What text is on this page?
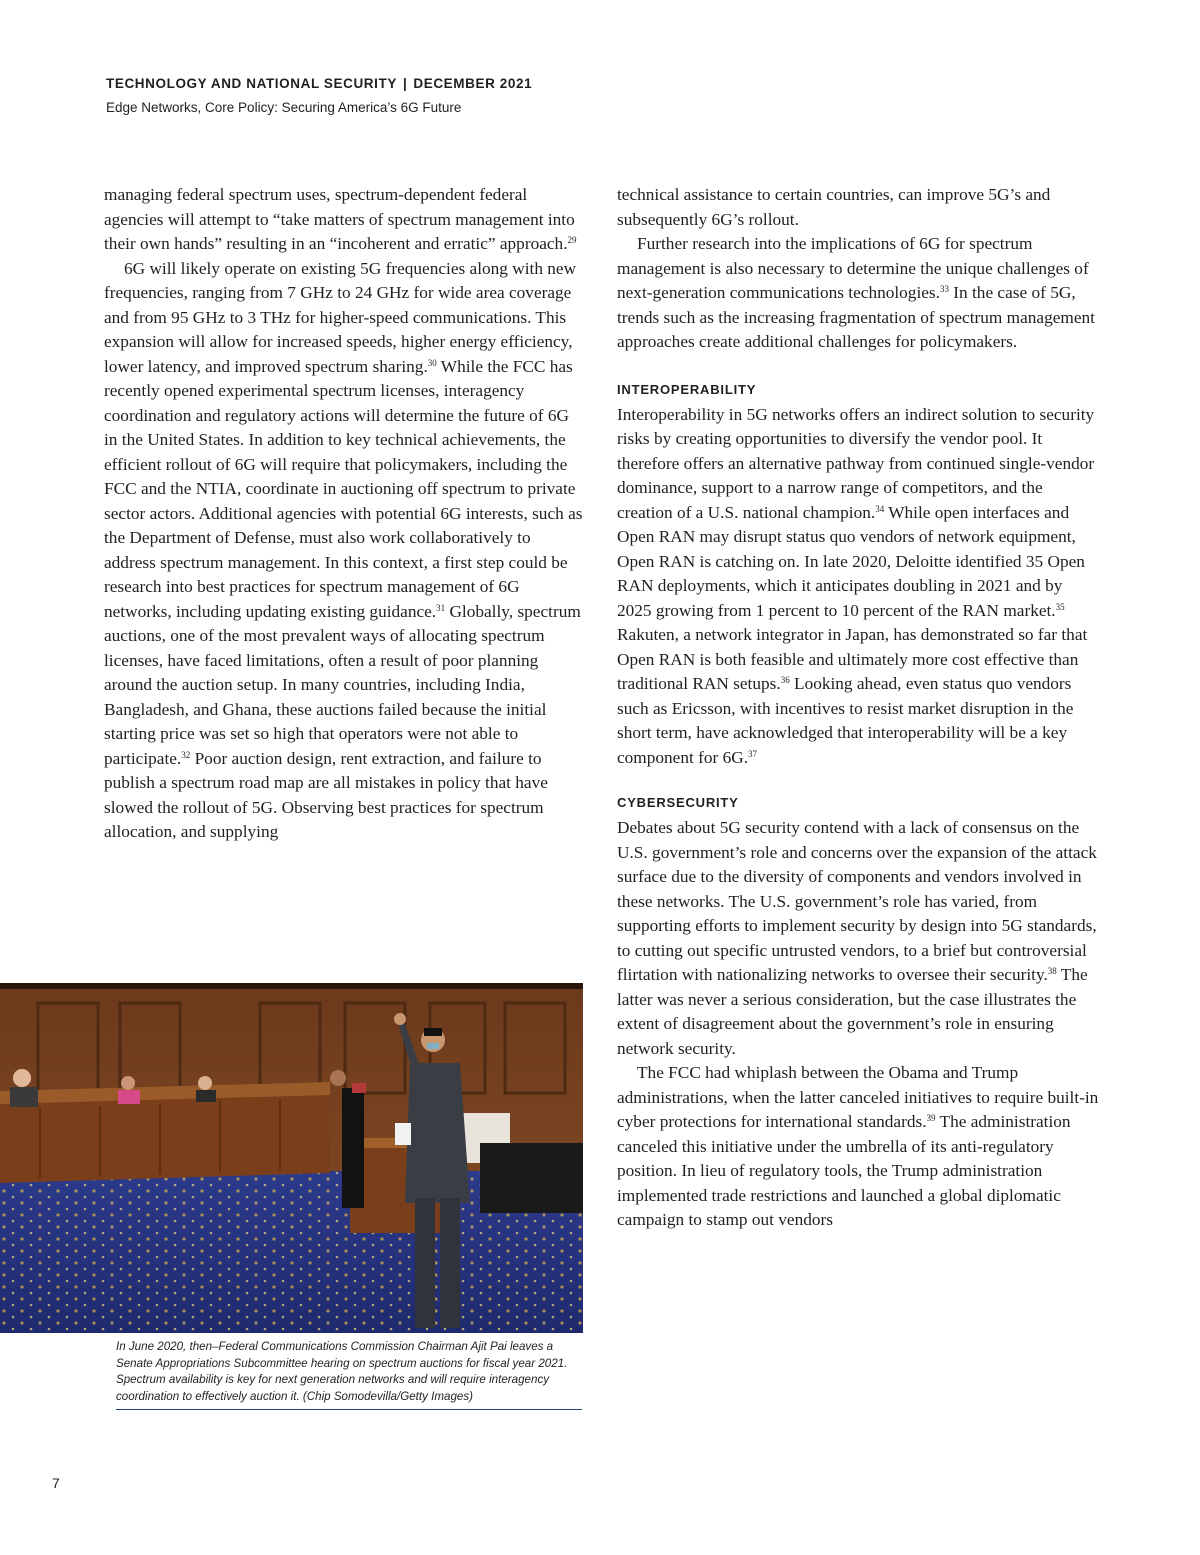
TECHNOLOGY AND NATIONAL SECURITY | DECEMBER 2021
Edge Networks, Core Policy: Securing America’s 6G Future

managing federal spectrum uses, spectrum-dependent federal agencies will attempt to “take matters of spectrum management into their own hands” resulting in an “incoherent and erratic” approach.$^{29}$

6G will likely operate on existing 5G frequencies along with new frequencies, ranging from 7 GHz to 24 GHz for wide area coverage and from 95 GHz to 3 THz for higher-speed communications. This expansion will allow for increased speeds, higher energy efficiency, lower latency, and improved spectrum sharing.$^{30}$ While the FCC has recently opened experimental spectrum licenses, interagency coordination and regulatory actions will determine the future of 6G in the United States. In addition to key technical achievements, the efficient rollout of 6G will require that policymakers, including the FCC and the NTIA, coordinate in auctioning off spectrum to private sector actors. Additional agencies with potential 6G interests, such as the Department of Defense, must also work collaboratively to address spectrum management. In this context, a first step could be research into best practices for spectrum management of 6G networks, including updating existing guidance.$^{31}$ Globally, spectrum auctions, one of the most prevalent ways of allocating spectrum licenses, have faced limitations, often a result of poor planning around the auction setup. In many countries, including India, Bangladesh, and Ghana, these auctions failed because the initial starting price was set so high that operators were not able to participate.$^{32}$ Poor auction design, rent extraction, and failure to publish a spectrum road map are all mistakes in policy that have slowed the rollout of 5G. Observing best practices for spectrum allocation, and supplying

technical assistance to certain countries, can improve 5G’s and subsequently 6G’s rollout.

Further research into the implications of 6G for spectrum management is also necessary to determine the unique challenges of next-generation communications technologies.$^{33}$ In the case of 5G, trends such as the increasing fragmentation of spectrum management approaches create additional challenges for policymakers.

INTEROPERABILITY

Interoperability in 5G networks offers an indirect solution to security risks by creating opportunities to diversify the vendor pool. It therefore offers an alternative pathway from continued single-vendor dominance, support to a narrow range of competitors, and the creation of a U.S. national champion.$^{34}$ While open interfaces and Open RAN may disrupt status quo vendors of network equipment, Open RAN is catching on. In late 2020, Deloitte identified 35 Open RAN deployments, which it anticipates doubling in 2021 and by 2025 growing from 1 percent to 10 percent of the RAN market.$^{35}$ Rakuten, a network integrator in Japan, has demonstrated so far that Open RAN is both feasible and ultimately more cost effective than traditional RAN setups.$^{36}$ Looking ahead, even status quo vendors such as Ericsson, with incentives to resist market disruption in the short term, have acknowledged that interoperability will be a key component for 6G.$^{37}$

CYBERSECURITY

Debates about 5G security contend with a lack of consensus on the U.S. government’s role and concerns over the expansion of the attack surface due to the diversity of components and vendors involved in these networks. The U.S. government’s role has varied, from supporting efforts to implement security by design into 5G standards, to cutting out specific untrusted vendors, to a brief but controversial flirtation with nationalizing networks to oversee their security.$^{38}$ The latter was never a serious consideration, but the case illustrates the extent of disagreement about the government’s role in ensuring network security.

The FCC had whiplash between the Obama and Trump administrations, when the latter canceled initiatives to require built-in cyber protections for international standards.$^{39}$ The administration canceled this initiative under the umbrella of its anti-regulatory position. In lieu of regulatory tools, the Trump administration implemented trade restrictions and launched a global diplomatic campaign to stamp out vendors

In June 2020, then–Federal Communications Commission Chairman Ajit Pai leaves a Senate Appropriations Subcommittee hearing on spectrum auctions for fiscal year 2021. Spectrum availability is key for next generation networks and will require interagency coordination to effectively auction it. (Chip Somodevilla/Getty Images)
7
